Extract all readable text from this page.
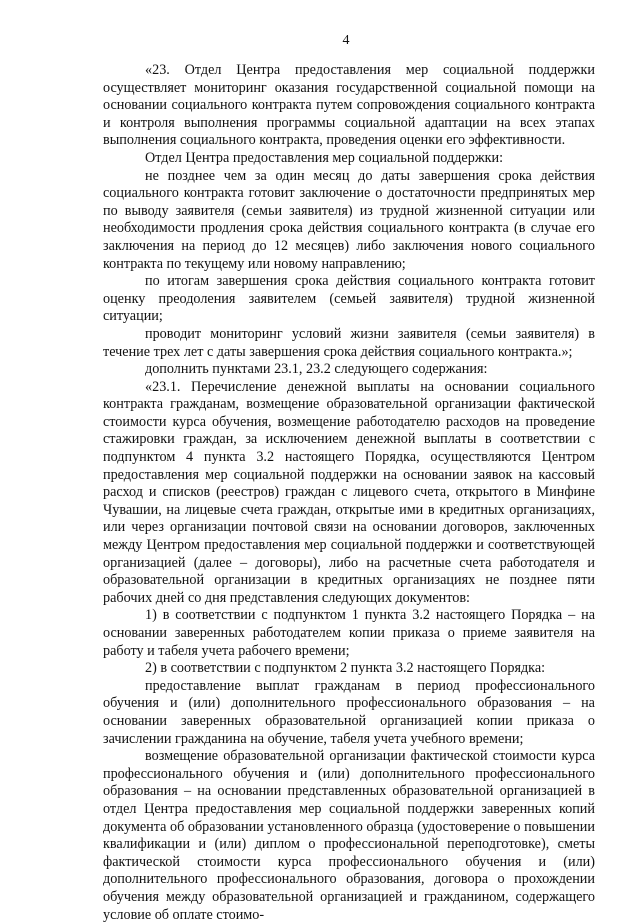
4

«23. Отдел Центра предоставления мер социальной поддержки осуществляет мониторинг оказания государственной социальной помощи на основании социального контракта путем сопровождения социального контракта и контроля выполнения программы социальной адаптации на всех этапах выполнения социального контракта, проведения оценки его эффективности.

Отдел Центра предоставления мер социальной поддержки:

не позднее чем за один месяц до даты завершения срока действия социального контракта готовит заключение о достаточности предпринятых мер по выводу заявителя (семьи заявителя) из трудной жизненной ситуации или необходимости продления срока действия социального контракта (в случае его заключения на период до 12 месяцев) либо заключения нового социального контракта по текущему или новому направлению;

по итогам завершения срока действия социального контракта готовит оценку преодоления заявителем (семьей заявителя) трудной жизненной ситуации;

проводит мониторинг условий жизни заявителя (семьи заявителя) в течение трех лет с даты завершения срока действия социального контракта.»;

дополнить пунктами 23.1, 23.2 следующего содержания:

«23.1. Перечисление денежной выплаты на основании социального контракта гражданам, возмещение образовательной организации фактической стоимости курса обучения, возмещение работодателю расходов на проведение стажировки граждан, за исключением денежной выплаты в соответствии с подпунктом 4 пункта 3.2 настоящего Порядка, осуществляются Центром предоставления мер социальной поддержки на основании заявок на кассовый расход и списков (реестров) граждан с лицевого счета, открытого в Минфине Чувашии, на лицевые счета граждан, открытые ими в кредитных организациях, или через организации почтовой связи на основании договоров, заключенных между Центром предоставления мер социальной поддержки и соответствующей организацией (далее – договоры), либо на расчетные счета работодателя и образовательной организации в кредитных организациях не позднее пяти рабочих дней со дня представления следующих документов:

1) в соответствии с подпунктом 1 пункта 3.2 настоящего Порядка – на основании заверенных работодателем копии приказа о приеме заявителя на работу и табеля учета рабочего времени;

2) в соответствии с подпунктом 2 пункта 3.2 настоящего Порядка:

предоставление выплат гражданам в период профессионального обучения и (или) дополнительного профессионального образования – на основании заверенных образовательной организацией копии приказа о зачислении гражданина на обучение, табеля учета учебного времени;

возмещение образовательной организации фактической стоимости курса профессионального обучения и (или) дополнительного профессионального образования – на основании представленных образовательной организацией в отдел Центра предоставления мер социальной поддержки заверенных копий документа об образовании установленного образца (удостоверение о повышении квалификации и (или) диплом о профессиональной переподготовке), сметы фактической стоимости курса профессионального обучения и (или) дополнительного профессионального образования, договора о прохождении обучения между образовательной организацией и гражданином, содержащего условие об оплате стоимо-
